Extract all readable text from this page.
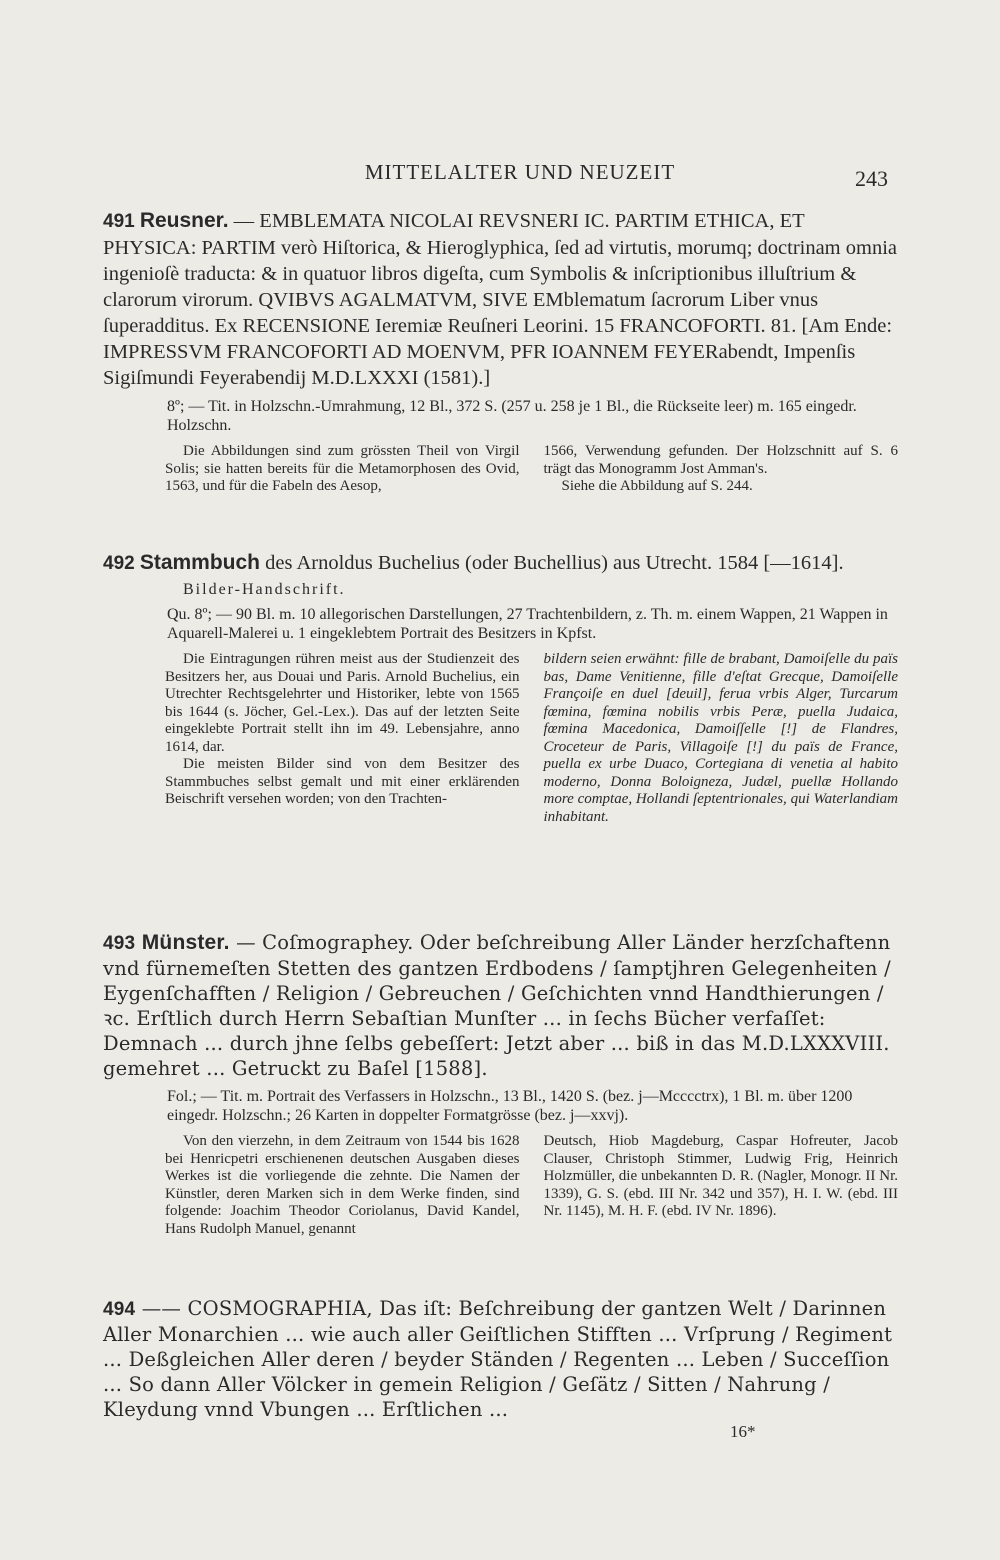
MITTELALTER UND NEUZEIT	243

491 Reusner. — EMBLEMATA NICOLAI REVSNERI IC. PARTIM ETHICA, ET PHYSICA: PARTIM verò Hiſtorica, & Hieroglyphica, ſed ad virtutis, morumq; doctrinam omnia ingenioſè traducta: & in quatuor libros digeſta, cum Symbolis & inſcriptionibus illuſtrium & clarorum virorum. QVIBVS AGALMATVM, SIVE EMblematum ſacrorum Liber vnus ſuperadditus. Ex RECENSIONE Ieremiæ Reuſneri Leorini. 15 FRANCOFORTI. 81. [Am Ende: IMPRESSVM FRANCOFORTI AD MOENVM, PFR IOANNEM FEYERabendt, Impenſis Sigiſmundi Feyerabendij M.D.LXXXI (1581).]

8º; — Tit. in Holzschn.-Umrahmung, 12 Bl., 372 S. (257 u. 258 je 1 Bl., die Rückseite leer) m. 165 eingedr. Holzschn.

Die Abbildungen sind zum grössten Theil von Virgil Solis; sie hatten bereits für die Metamorphosen des Ovid, 1563, und für die Fabeln des Aesop,

1566, Verwendung gefunden. Der Holzschnitt auf S. 6 trägt das Monogramm Jost Amman's.

Siehe die Abbildung auf S. 244.

492 Stammbuch des Arnoldus Buchelius (oder Buchellius) aus Utrecht. 1584 [—1614].

Bilder-Handschrift.

Qu. 8º; — 90 Bl. m. 10 allegorischen Darstellungen, 27 Trachtenbildern, z. Th. m. einem Wappen, 21 Wappen in Aquarell-Malerei u. 1 eingeklebtem Portrait des Besitzers in Kpfst.

Die Eintragungen rühren meist aus der Studienzeit des Besitzers her, aus Douai und Paris. Arnold Buchelius, ein Utrechter Rechtsgelehrter und Historiker, lebte von 1565 bis 1644 (s. Jöcher, Gel.-Lex.). Das auf der letzten Seite eingeklebte Portrait stellt ihn im 49. Lebensjahre, anno 1614, dar.

Die meisten Bilder sind von dem Besitzer des Stammbuches selbst gemalt und mit einer erklärenden Beischrift versehen worden; von den Trachten-

bildern seien erwähnt: fille de brabant, Damoiſelle du païs bas, Dame Venitienne, fille d'eſtat Grecque, Damoiſelle Françoiſe en duel [deuil], ferua vrbis Alger, Turcarum fœmina, fœmina nobilis vrbis Peræ, puella Judaica, fœmina Macedonica, Damoiſſelle [!] de Flandres, Croceteur de Paris, Villagoiſe [!] du païs de France, puella ex urbe Duaco, Cortegiana di venetia al habito moderno, Donna Boloigneza, Judæl, puellæ Hollando more comptae, Hollandi ſeptentrionales, qui Waterlandiam inhabitant.

493 Münster. — Coſmographey. Oder beſchreibung Aller Länder herzſchaftenn vnd fürnemeſten Stetten des gantzen Erdbodens / ſamptjhren Gelegenheiten / Eygenſchafften / Religion / Gebreuchen / Geſchichten vnnd Handthierungen / ꝛc. Erſtlich durch Herrn Sebaſtian Munſter ... in ſechs Bücher verfaſſet: Demnach ... durch jhne ſelbs gebeſſert: Jetzt aber ... biß in das M.D.LXXXVIII. gemehret ... Getruckt zu Baſel [1588].

Fol.; — Tit. m. Portrait des Verfassers in Holzschn., 13 Bl., 1420 S. (bez. j—Mcccctrx), 1 Bl. m. über 1200 eingedr. Holzschn.; 26 Karten in doppelter Formatgrösse (bez. j—xxvj).

Von den vierzehn, in dem Zeitraum von 1544 bis 1628 bei Henricpetri erschienenen deutschen Ausgaben dieses Werkes ist die vorliegende die zehnte. Die Namen der Künstler, deren Marken sich in dem Werke finden, sind folgende: Joachim Theodor Coriolanus, David Kandel, Hans Rudolph Manuel, genannt

Deutsch, Hiob Magdeburg, Caspar Hofreuter, Jacob Clauser, Christoph Stimmer, Ludwig Frig, Heinrich Holzmüller, die unbekannten D. R. (Nagler, Monogr. II Nr. 1339), G. S. (ebd. III Nr. 342 und 357), H. I. W. (ebd. III Nr. 1145), M. H. F. (ebd. IV Nr. 1896).

494 —— COSMOGRAPHIA, Das iſt: Beſchreibung der gantzen Welt / Darinnen Aller Monarchien ... wie auch aller Geiſtlichen Stifften ... Vrſprung / Regiment ... Deßgleichen Aller deren / beyder Ständen / Regenten ... Leben / Succeſſion ... So dann Aller Völcker in gemein Religion / Geſätz / Sitten / Nahrung / Kleydung vnnd Vbungen ... Erſtlichen ...

16*
